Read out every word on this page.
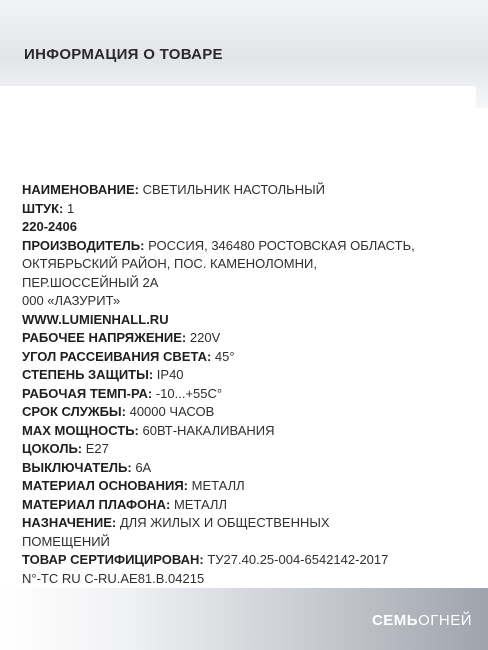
ИНФОРМАЦИЯ О ТОВАРЕ
НАИМЕНОВАНИЕ: СВЕТИЛЬНИК НАСТОЛЬНЫЙ
ШТУК: 1
220-2406
ПРОИЗВОДИТЕЛЬ: РОССИЯ, 346480 РОСТОВСКАЯ ОБЛАСТЬ,
ОКТЯБРЬСКИЙ РАЙОН, ПОС. КАМЕНОЛОМНИ,
ПЕР.ШОССЕЙНЫЙ 2А
000 «ЛАЗУРИТ»
WWW.LUMIENHALL.RU
РАБОЧЕЕ НАПРЯЖЕНИЕ: 220V
УГОЛ РАССЕИВАНИЯ СВЕТА: 45°
СТЕПЕНЬ ЗАЩИТЫ: IP40
РАБОЧАЯ ТЕМП-РА: -10...+55С°
СРОК СЛУЖБЫ: 40000 ЧАСОВ
MAX МОЩНОСТЬ: 60ВТ-НАКАЛИВАНИЯ
ЦОКОЛЬ: E27
ВЫКЛЮЧАТЕЛЬ: 6А
МАТЕРИАЛ ОСНОВАНИЯ: МЕТАЛЛ
МАТЕРИАЛ ПЛАФОНА: МЕТАЛЛ
НАЗНАЧЕНИЕ: ДЛЯ ЖИЛЫХ И ОБЩЕСТВЕННЫХ
ПОМЕЩЕНИЙ
ТОВАР СЕРТИФИЦИРОВАН: ТУ27.40.25-004-6542142-2017
N°-TC RU C-RU.AE81.B.04215
СЕМЬОГНЕЙ
